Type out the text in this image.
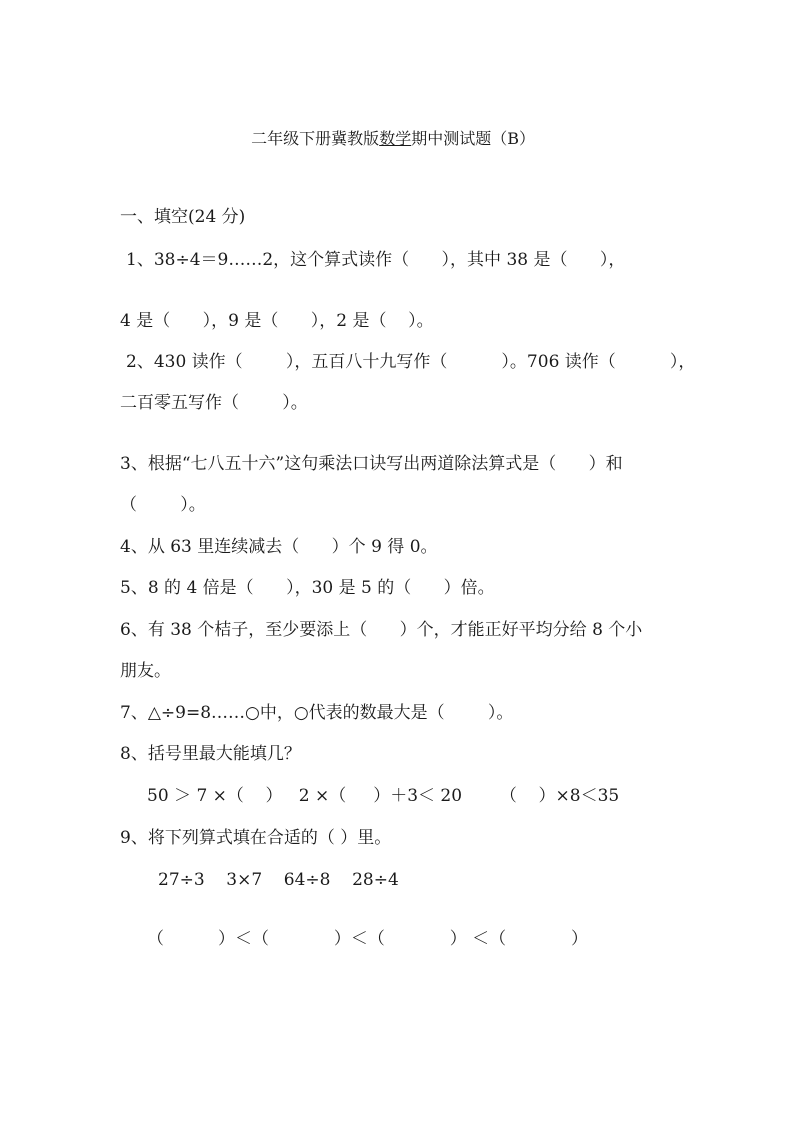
二年级下册冀教版数学期中测试题（B）

一、填空(24 分)
1、38÷4＝9……2，这个算式读作（      ），其中 38 是（      ），
4 是（      ），9 是（      ），2 是（    ）。
2、430 读作（        ），五百八十九写作（          ）。706 读作（          ），
二百零五写作（        ）。
3、根据“七八五十六”这句乘法口诀写出两道除法算式是（      ）和
（        ）。
4、从 63 里连续减去（      ）个 9 得 0。
5、8 的 4 倍是（      ），30 是 5 的（      ）倍。
6、有 38 个桔子，至少要添上（      ）个，才能正好平均分给 8 个小
朋友。
7、△÷9=8……○中，○代表的数最大是（        ）。
8、括号里最大能填几？
50 ＞ 7 ×（    ）   2 ×（     ）＋3＜ 20       （    ）×8＜35
9、将下列算式填在合适的（ ）里。
27÷3    3×7    64÷8    28÷4
（          ）＜（            ）＜（            ） ＜（            ）
